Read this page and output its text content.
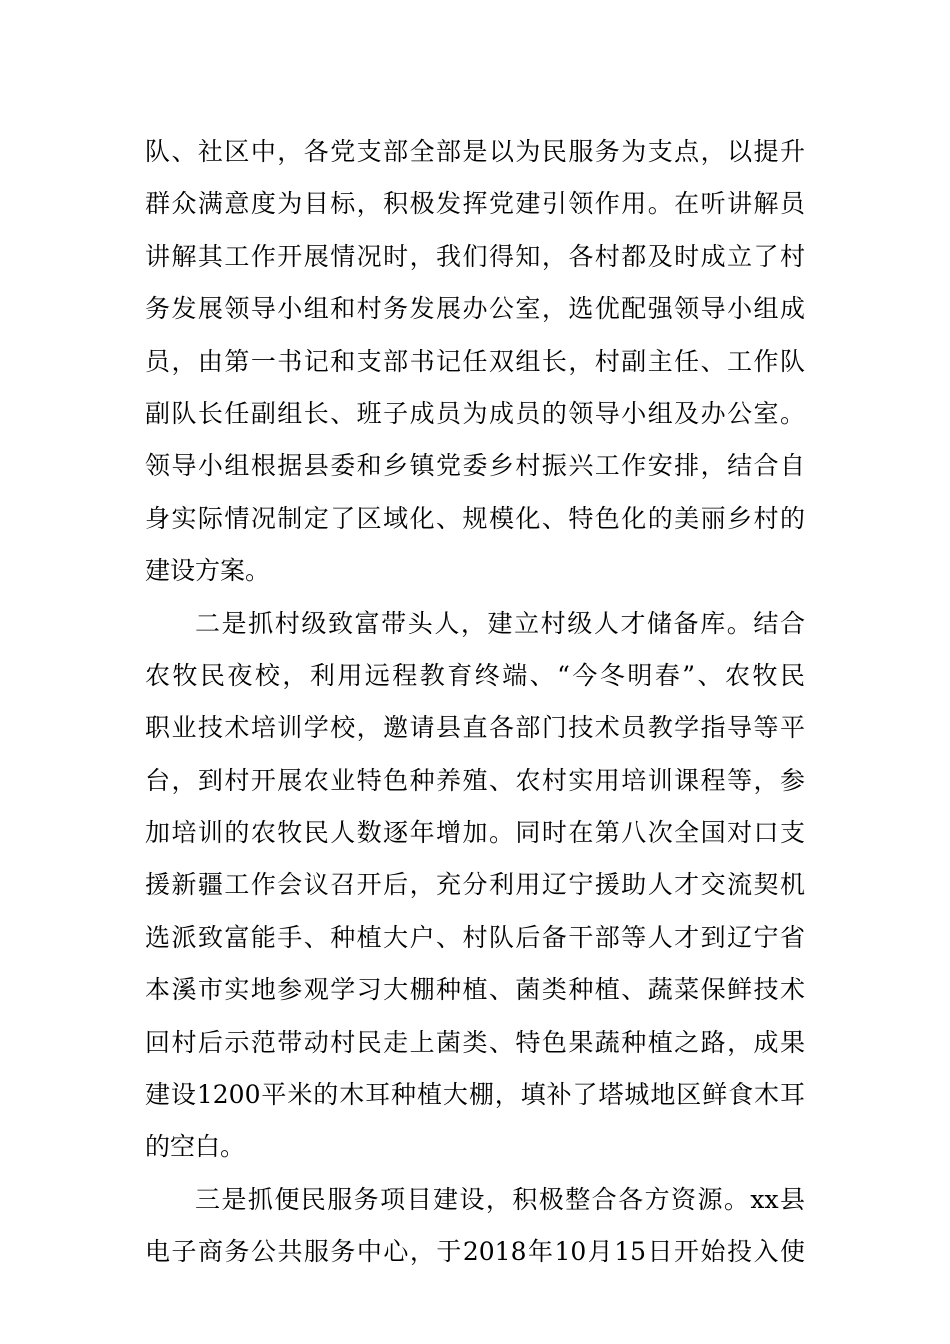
队、社区中，各党支部全部是以为民服务为支点，以提升
群众满意度为目标，积极发挥党建引领作用。在听讲解员
讲解其工作开展情况时，我们得知，各村都及时成立了村
务发展领导小组和村务发展办公室，选优配强领导小组成
员，由第一书记和支部书记任双组长，村副主任、工作队
副队长任副组长、班子成员为成员的领导小组及办公室。
领导小组根据县委和乡镇党委乡村振兴工作安排，结合自
身实际情况制定了区域化、规模化、特色化的美丽乡村的
建设方案。
二是抓村级致富带头人，建立村级人才储备库。结合
农牧民夜校，利用远程教育终端、“今冬明春”、农牧民
职业技术培训学校，邀请县直各部门技术员教学指导等平
台，到村开展农业特色种养殖、农村实用培训课程等，参
加培训的农牧民人数逐年增加。同时在第八次全国对口支
援新疆工作会议召开后，充分利用辽宁援助人才交流契机
选派致富能手、种植大户、村队后备干部等人才到辽宁省
本溪市实地参观学习大棚种植、菌类种植、蔬菜保鲜技术
回村后示范带动村民走上菌类、特色果蔬种植之路，成果
建设1200平米的木耳种植大棚，填补了塔城地区鲜食木耳
的空白。
三是抓便民服务项目建设，积极整合各方资源。xx县
电子商务公共服务中心，于2018年10月15日开始投入使
